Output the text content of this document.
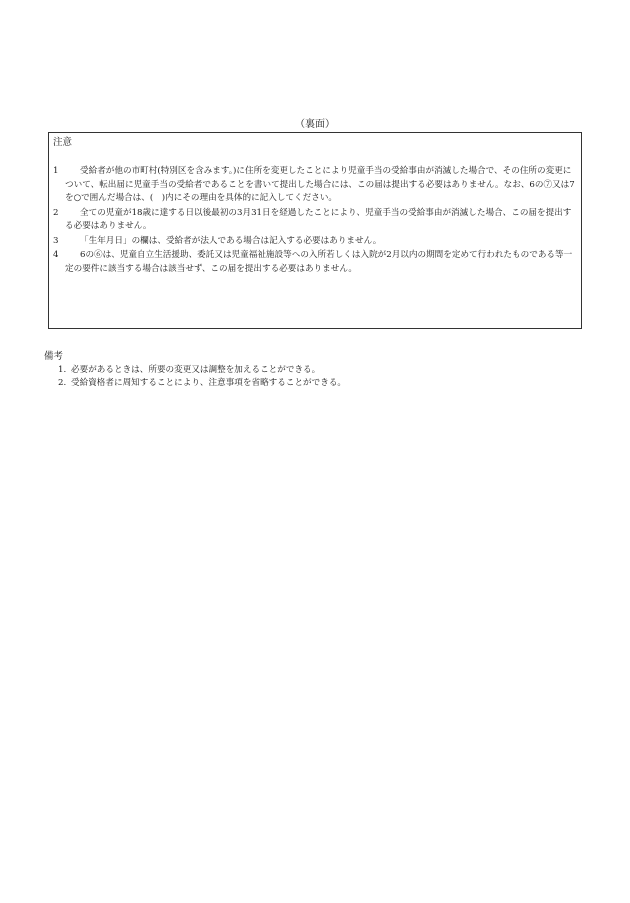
（裏面）
注意
1	受給者が他の市町村(特別区を含みます。)に住所を変更したことにより児童手当の受給事由が消滅した場合で、その住所の変更について、転出届に児童手当の受給者であることを書いて提出した場合には、この届は提出する必要はありません。なお、6の⑦又は7を○で囲んだ場合は、(　)内にその理由を具体的に記入してください。
2	全ての児童が18歳に達する日以後最初の3月31日を経過したことにより、児童手当の受給事由が消滅した場合、この届を提出する必要はありません。
3	「生年月日」の欄は、受給者が法人である場合は記入する必要はありません。
4	6の⑥は、児童自立生活援助、委託又は児童福祉施設等への入所若しくは入院が2月以内の期間を定めて行われたものである等一定の要件に該当する場合は該当せず、この届を提出する必要はありません。
備考
1. 必要があるときは、所要の変更又は調整を加えることができる。
2. 受給資格者に周知することにより、注意事項を省略することができる。
